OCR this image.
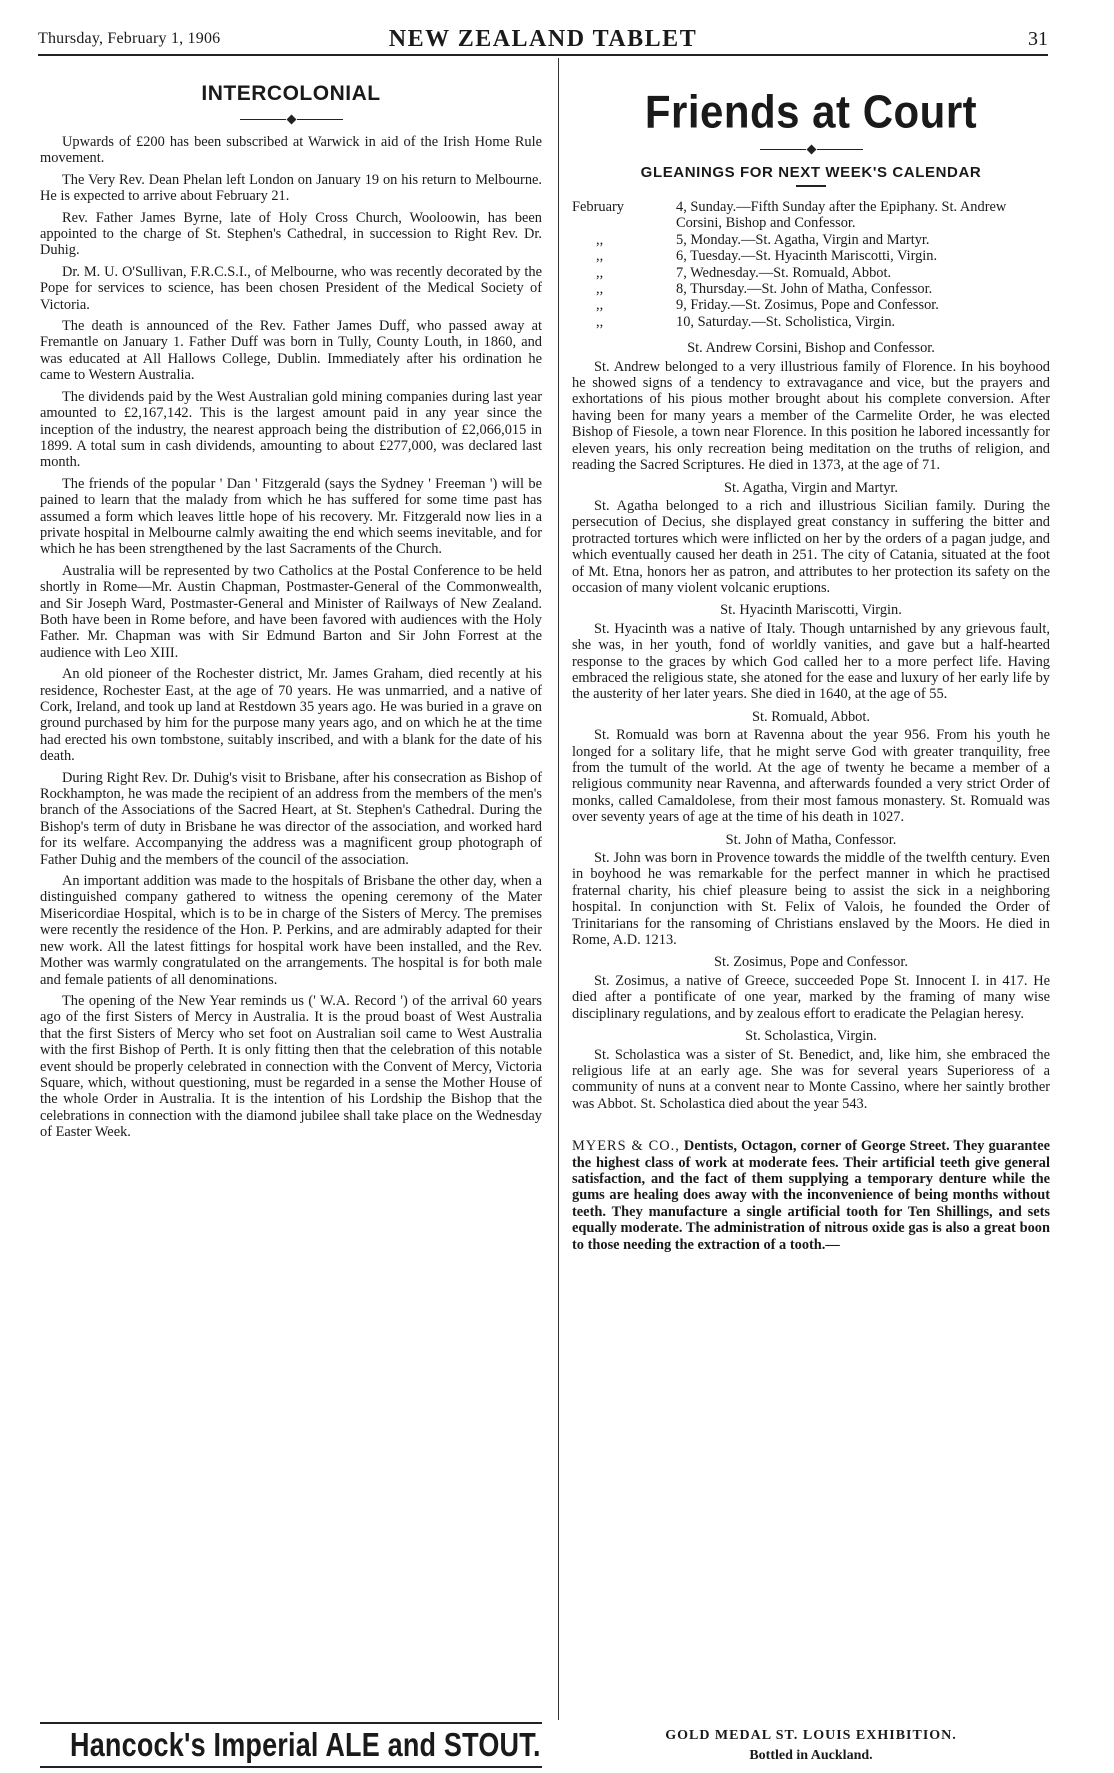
Thursday, February 1, 1906	NEW ZEALAND TABLET	31
INTERCOLONIAL

Upwards of £200 has been subscribed at Warwick in aid of the Irish Home Rule movement.

The Very Rev. Dean Phelan left London on January 19 on his return to Melbourne. He is expected to arrive about February 21.

Rev. Father James Byrne, late of Holy Cross Church, Wooloowin, has been appointed to the charge of St. Stephen's Cathedral, in succession to Right Rev. Dr. Duhig.

Dr. M. U. O'Sullivan, F.R.C.S.I., of Melbourne, who was recently decorated by the Pope for services to science, has been chosen President of the Medical Society of Victoria.

The death is announced of the Rev. Father James Duff, who passed away at Fremantle on January 1. Father Duff was born in Tully, County Louth, in 1860, and was educated at All Hallows College, Dublin. Immediately after his ordination he came to Western Australia.

The dividends paid by the West Australian gold mining companies during last year amounted to £2,167,142. This is the largest amount paid in any year since the inception of the industry, the nearest approach being the distribution of £2,066,015 in 1899. A total sum in cash dividends, amounting to about £277,000, was declared last month.

The friends of the popular ' Dan ' Fitzgerald (says the Sydney ' Freeman ') will be pained to learn that the malady from which he has suffered for some time past has assumed a form which leaves little hope of his recovery. Mr. Fitzgerald now lies in a private hospital in Melbourne calmly awaiting the end which seems inevitable, and for which he has been strengthened by the last Sacraments of the Church.

Australia will be represented by two Catholics at the Postal Conference to be held shortly in Rome—Mr. Austin Chapman, Postmaster-General of the Commonwealth, and Sir Joseph Ward, Postmaster-General and Minister of Railways of New Zealand. Both have been in Rome before, and have been favored with audiences with the Holy Father. Mr. Chapman was with Sir Edmund Barton and Sir John Forrest at the audience with Leo XIII.

An old pioneer of the Rochester district, Mr. James Graham, died recently at his residence, Rochester East, at the age of 70 years. He was unmarried, and a native of Cork, Ireland, and took up land at Restdown 35 years ago. He was buried in a grave on ground purchased by him for the purpose many years ago, and on which he at the time had erected his own tombstone, suitably inscribed, and with a blank for the date of his death.

During Right Rev. Dr. Duhig's visit to Brisbane, after his consecration as Bishop of Rockhampton, he was made the recipient of an address from the members of the men's branch of the Associations of the Sacred Heart, at St. Stephen's Cathedral. During the Bishop's term of duty in Brisbane he was director of the association, and worked hard for its welfare. Accompanying the address was a magnificent group photograph of Father Duhig and the members of the council of the association.

An important addition was made to the hospitals of Brisbane the other day, when a distinguished company gathered to witness the opening ceremony of the Mater Misericordiae Hospital, which is to be in charge of the Sisters of Mercy. The premises were recently the residence of the Hon. P. Perkins, and are admirably adapted for their new work. All the latest fittings for hospital work have been installed, and the Rev. Mother was warmly congratulated on the arrangements. The hospital is for both male and female patients of all denominations.

The opening of the New Year reminds us (' W.A. Record ') of the arrival 60 years ago of the first Sisters of Mercy in Australia. It is the proud boast of West Australia that the first Sisters of Mercy who set foot on Australian soil came to West Australia with the first Bishop of Perth. It is only fitting then that the celebration of this notable event should be properly celebrated in connection with the Convent of Mercy, Victoria Square, which, without questioning, must be regarded in a sense the Mother House of the whole Order in Australia. It is the intention of his Lordship the Bishop that the celebrations in connection with the diamond jubilee shall take place on the Wednesday of Easter Week.

Friends at Court
GLEANINGS FOR NEXT WEEK'S CALENDAR
February	4, Sunday.—Fifth Sunday after the Epiphany. St. Andrew Corsini, Bishop and Confessor.
,,	5, Monday.—St. Agatha, Virgin and Martyr.
,,	6, Tuesday.—St. Hyacinth Mariscotti, Virgin.
,,	7, Wednesday.—St. Romuald, Abbot.
,,	8, Thursday.—St. John of Matha, Confessor.
,,	9, Friday.—St. Zosimus, Pope and Confessor.
,,	10, Saturday.—St. Scholistica, Virgin.
St. Andrew Corsini, Bishop and Confessor.

St. Andrew belonged to a very illustrious family of Florence. In his boyhood he showed signs of a tendency to extravagance and vice, but the prayers and exhortations of his pious mother brought about his complete conversion. After having been for many years a member of the Carmelite Order, he was elected Bishop of Fiesole, a town near Florence. In this position he labored incessantly for eleven years, his only recreation being meditation on the truths of religion, and reading the Sacred Scriptures. He died in 1373, at the age of 71.

St. Agatha, Virgin and Martyr.

St. Agatha belonged to a rich and illustrious Sicilian family. During the persecution of Decius, she displayed great constancy in suffering the bitter and protracted tortures which were inflicted on her by the orders of a pagan judge, and which eventually caused her death in 251. The city of Catania, situated at the foot of Mt. Etna, honors her as patron, and attributes to her protection its safety on the occasion of many violent volcanic eruptions.

St. Hyacinth Mariscotti, Virgin.

St. Hyacinth was a native of Italy. Though untarnished by any grievous fault, she was, in her youth, fond of worldly vanities, and gave but a half-hearted response to the graces by which God called her to a more perfect life. Having embraced the religious state, she atoned for the ease and luxury of her early life by the austerity of her later years. She died in 1640, at the age of 55.

St. Romuald, Abbot.

St. Romuald was born at Ravenna about the year 956. From his youth he longed for a solitary life, that he might serve God with greater tranquility, free from the tumult of the world. At the age of twenty he became a member of a religious community near Ravenna, and afterwards founded a very strict Order of monks, called Camaldolese, from their most famous monastery. St. Romuald was over seventy years of age at the time of his death in 1027.

St. John of Matha, Confessor.

St. John was born in Provence towards the middle of the twelfth century. Even in boyhood he was remarkable for the perfect manner in which he practised fraternal charity, his chief pleasure being to assist the sick in a neighboring hospital. In conjunction with St. Felix of Valois, he founded the Order of Trinitarians for the ransoming of Christians enslaved by the Moors. He died in Rome, A.D. 1213.

St. Zosimus, Pope and Confessor.

St. Zosimus, a native of Greece, succeeded Pope St. Innocent I. in 417. He died after a pontificate of one year, marked by the framing of many wise disciplinary regulations, and by zealous effort to eradicate the Pelagian heresy.

St. Scholastica, Virgin.

St. Scholastica was a sister of St. Benedict, and, like him, she embraced the religious life at an early age. She was for several years Superioress of a community of nuns at a convent near to Monte Cassino, where her saintly brother was Abbot. St. Scholastica died about the year 543.

MYERS & CO., Dentists, Octagon, corner of George Street. They guarantee the highest class of work at moderate fees. Their artificial teeth give general satisfaction, and the fact of them supplying a temporary denture while the gums are healing does away with the inconvenience of being months without teeth. They manufacture a single artificial tooth for Ten Shillings, and sets equally moderate. The administration of nitrous oxide gas is also a great boon to those needing the extraction of a tooth.—
Hancock's Imperial ALE and STOUT.	GOLD MEDAL ST. LOUIS EXHIBITION.
Bottled in Auckland.
